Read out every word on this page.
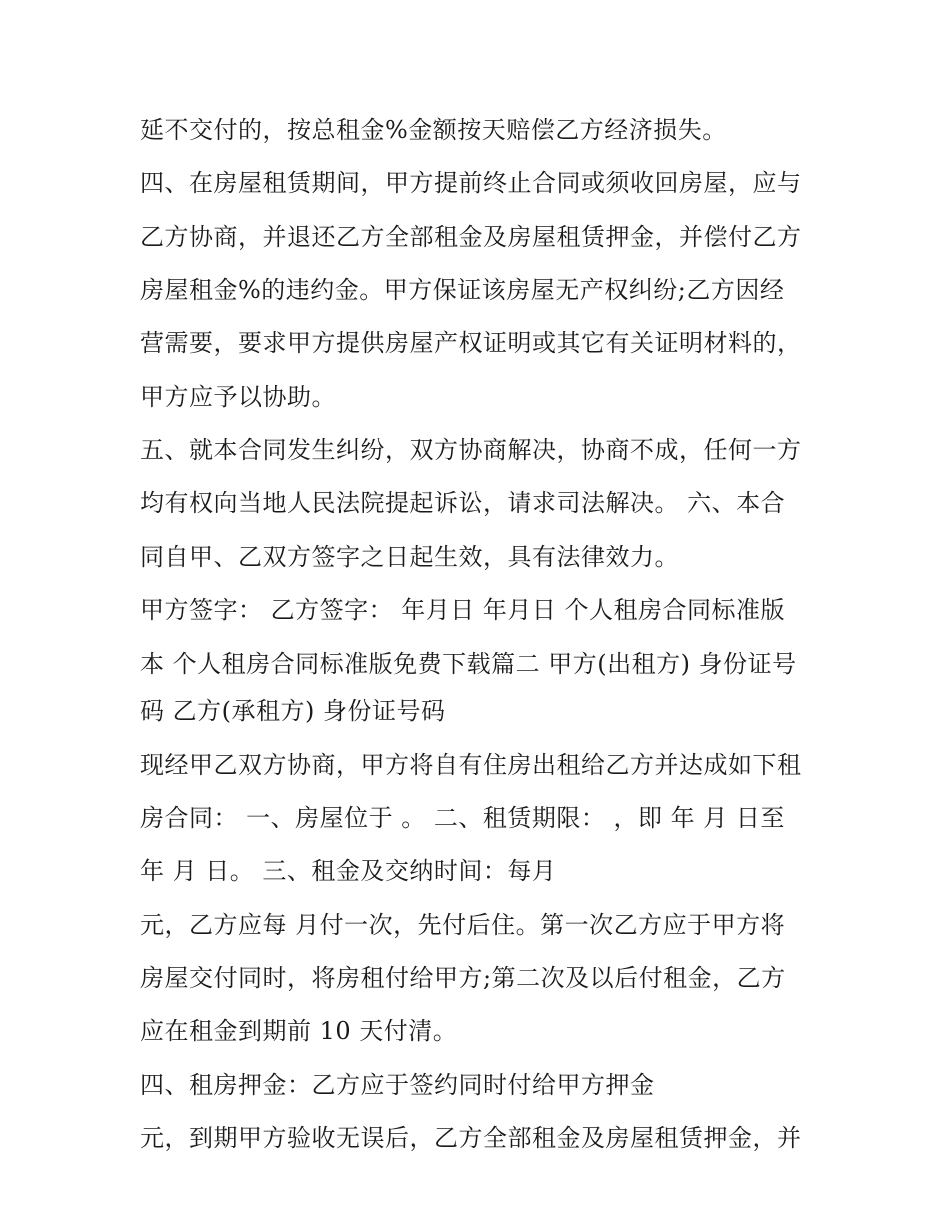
延不交付的，按总租金%金额按天赔偿乙方经济损失。
四、在房屋租赁期间，甲方提前终止合同或须收回房屋，应与
乙方协商，并退还乙方全部租金及房屋租赁押金，并偿付乙方
房屋租金%的违约金。甲方保证该房屋无产权纠纷;乙方因经
营需要，要求甲方提供房屋产权证明或其它有关证明材料的，
甲方应予以协助。
五、就本合同发生纠纷，双方协商解决，协商不成，任何一方
均有权向当地人民法院提起诉讼，请求司法解决。 六、本合
同自甲、乙双方签字之日起生效，具有法律效力。
甲方签字： 乙方签字： 年月日 年月日 个人租房合同标准版
本 个人租房合同标准版免费下载篇二 甲方(出租方) 身份证号
码 乙方(承租方) 身份证号码
现经甲乙双方协商，甲方将自有住房出租给乙方并达成如下租
房合同： 一、房屋位于 。 二、租赁期限： ，即 年 月 日至
年 月 日。 三、租金及交纳时间：每月
元，乙方应每 月付一次，先付后住。第一次乙方应于甲方将
房屋交付同时，将房租付给甲方;第二次及以后付租金，乙方
应在租金到期前 10 天付清。
四、租房押金：乙方应于签约同时付给甲方押金
元，到期甲方验收无误后，乙方全部租金及房屋租赁押金，并
